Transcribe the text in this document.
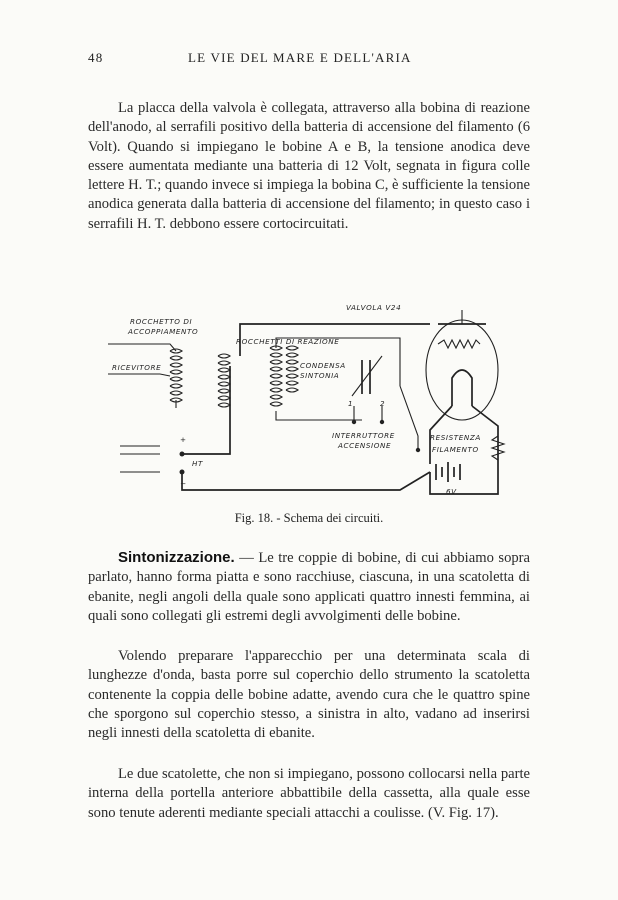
48	LE VIE DEL MARE E DELL'ARIA

La placca della valvola è collegata, attraverso alla bobina di reazione dell'anodo, al serrafili positivo della batteria di accensione del filamento (6 Volt). Quando si impiegano le bobine A e B, la tensione anodica deve essere aumentata mediante una batteria di 12 Volt, segnata in figura colle lettere H. T.; quando invece si impiega la bobina C, è sufficiente la tensione anodica generata dalla batteria di accensione del filamento; in questo caso i serrafili H. T. debbono essere cortocircuitati.

VALVOLA V24
ROCCHETTO DI
ACCOPPIAMENTO
ROCCHETTI DI REAZIONE
RICEVITORE	CONDENSA
SINTONIA
1	2
INTERRUTTORE
ACCENSIONE
RESISTENZA
FILAMENTO
+
HT
−
6V
Fig. 18. - Schema dei circuiti.

Sintonizzazione. — Le tre coppie di bobine, di cui abbiamo sopra parlato, hanno forma piatta e sono racchiuse, ciascuna, in una scatoletta di ebanite, negli angoli della quale sono applicati quattro innesti femmina, ai quali sono collegati gli estremi degli avvolgimenti delle bobine.

Volendo preparare l'apparecchio per una determinata scala di lunghezze d'onda, basta porre sul coperchio dello strumento la scatoletta contenente la coppia delle bobine adatte, avendo cura che le quattro spine che sporgono sul coperchio stesso, a sinistra in alto, vadano ad inserirsi negli innesti della scatoletta di ebanite.

Le due scatolette, che non si impiegano, possono collocarsi nella parte interna della portella anteriore abbattibile della cassetta, alla quale esse sono tenute aderenti mediante speciali attacchi a coulisse. (V. Fig. 17).
